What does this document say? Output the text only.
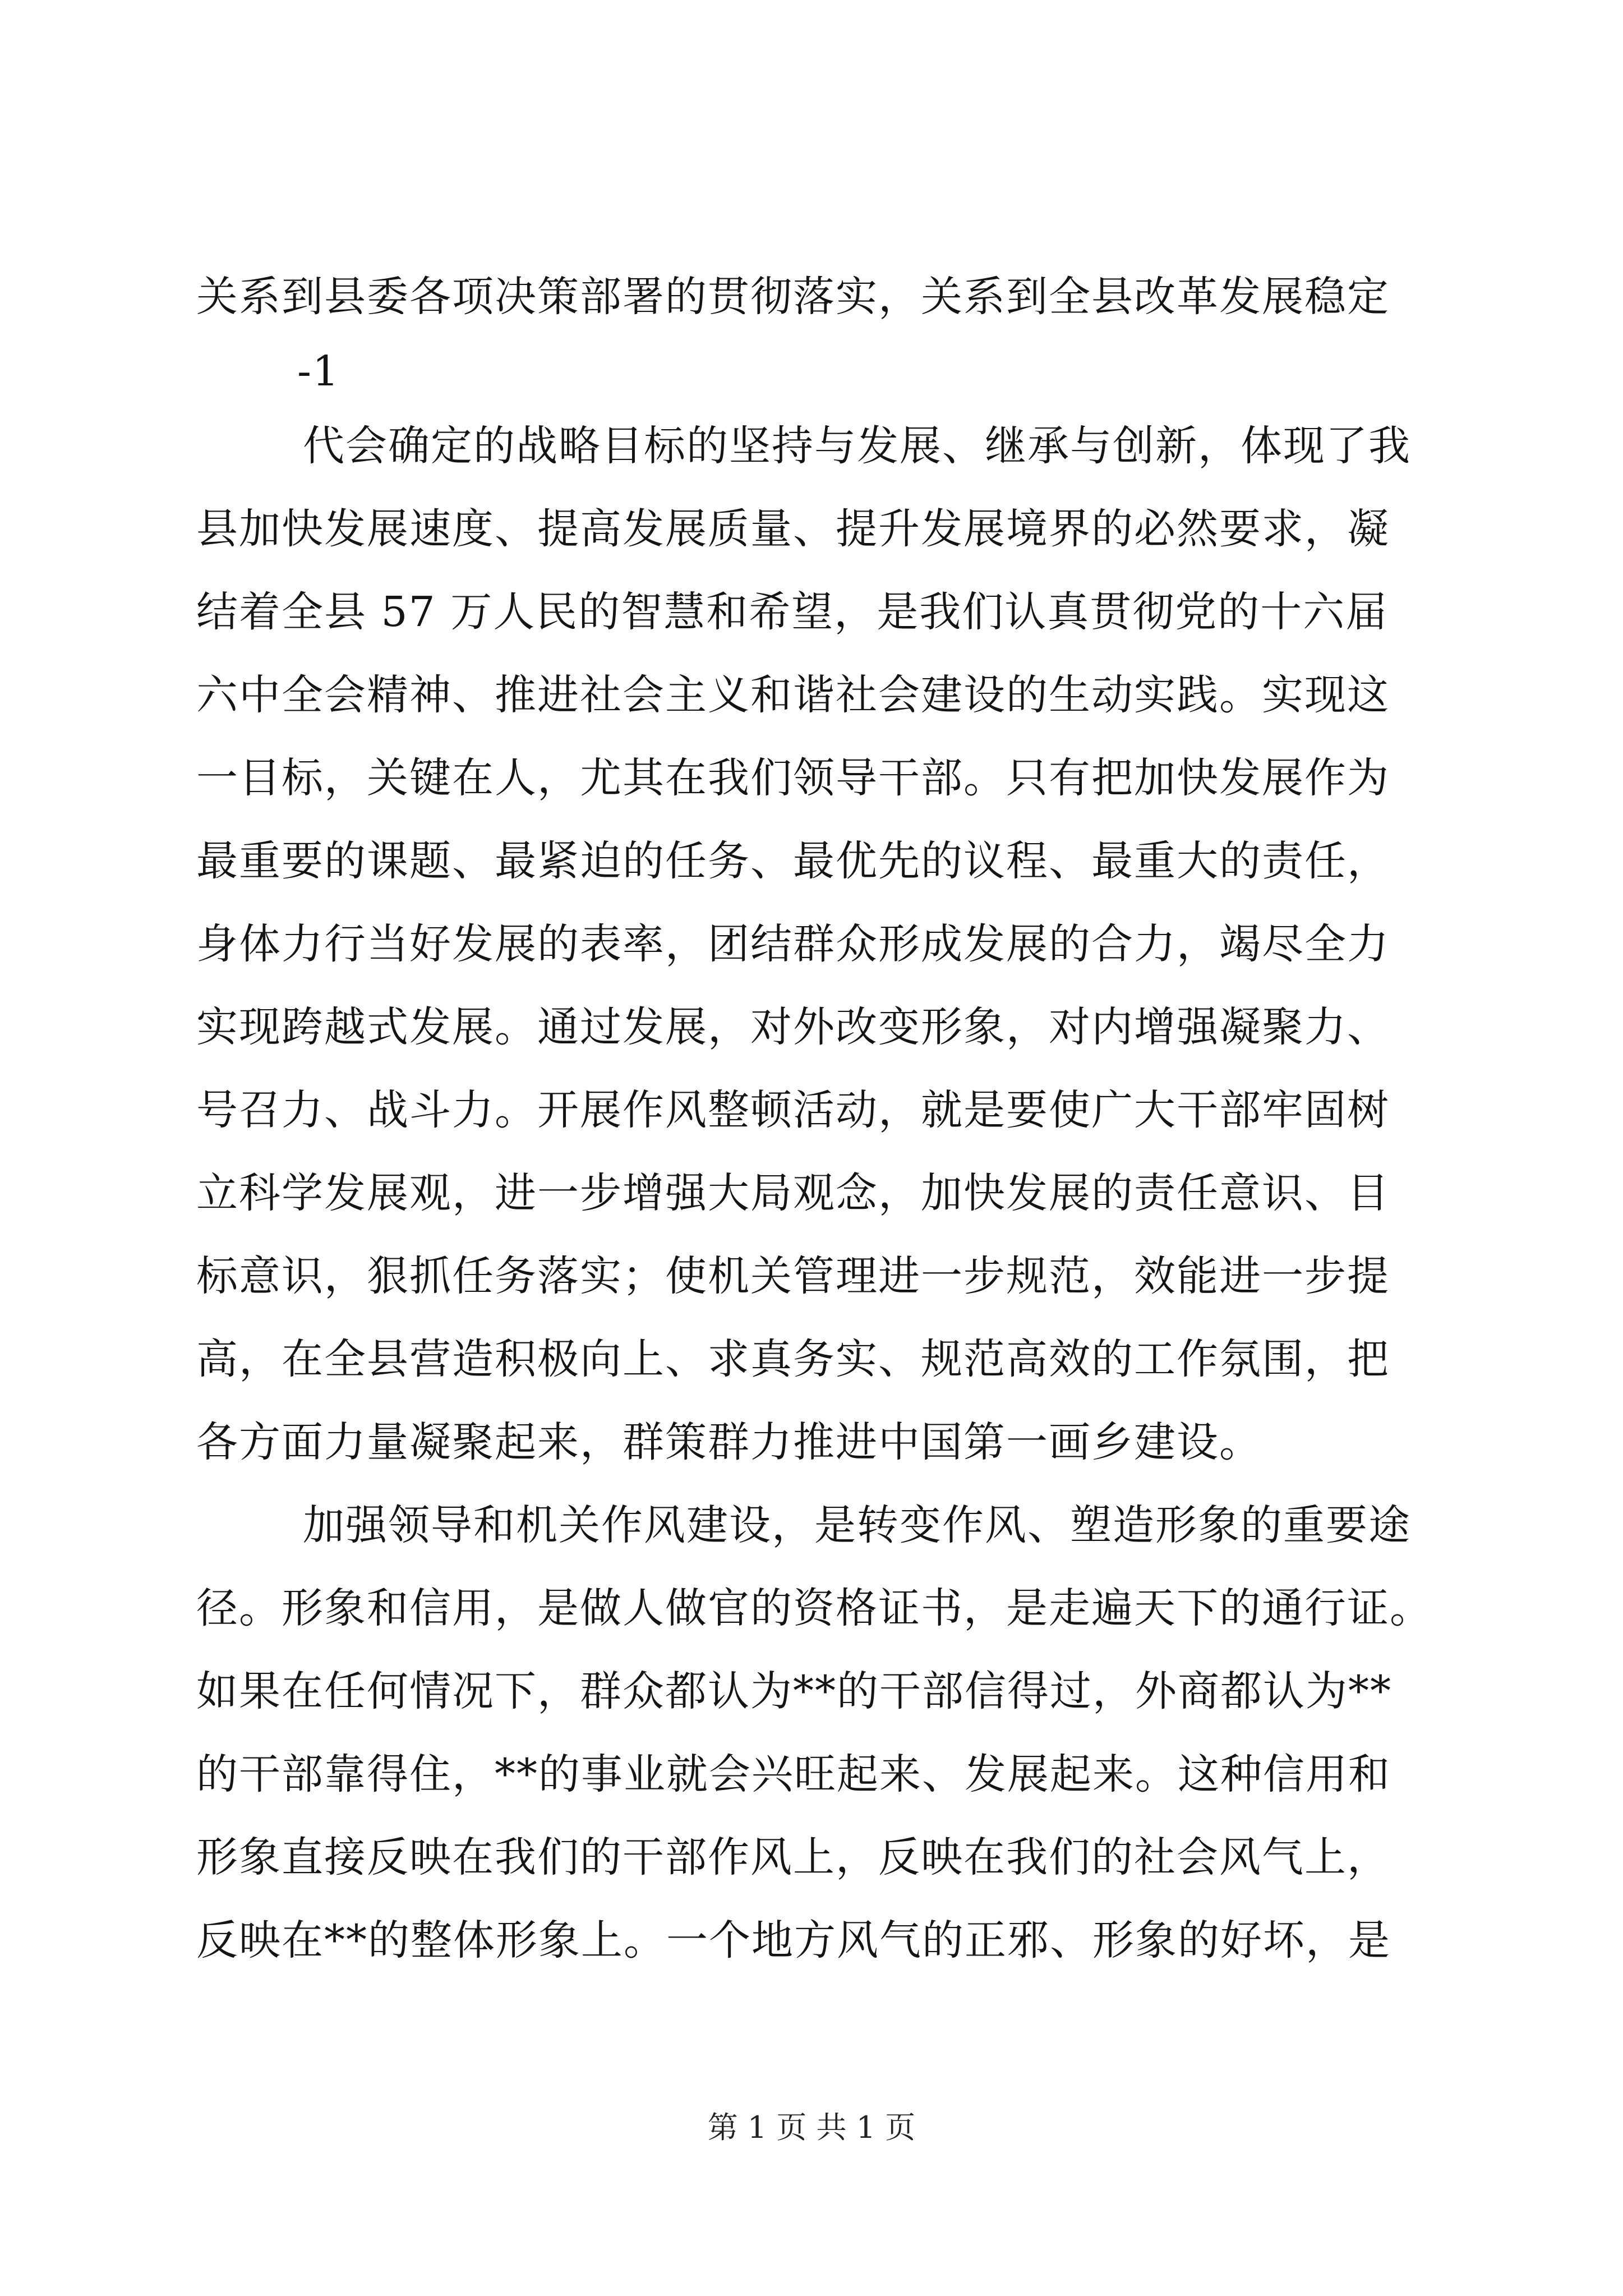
关系到县委各项决策部署的贯彻落实，关系到全县改革发展稳定
-1
代会确定的战略目标的坚持与发展、继承与创新，体现了我
县加快发展速度、提高发展质量、提升发展境界的必然要求，凝
结着全县 57 万人民的智慧和希望，是我们认真贯彻党的十六届
六中全会精神、推进社会主义和谐社会建设的生动实践。实现这
一目标，关键在人，尤其在我们领导干部。只有把加快发展作为
最重要的课题、最紧迫的任务、最优先的议程、最重大的责任，
身体力行当好发展的表率，团结群众形成发展的合力，竭尽全力
实现跨越式发展。通过发展，对外改变形象，对内增强凝聚力、
号召力、战斗力。开展作风整顿活动，就是要使广大干部牢固树
立科学发展观，进一步增强大局观念，加快发展的责任意识、目
标意识，狠抓任务落实；使机关管理进一步规范，效能进一步提
高，在全县营造积极向上、求真务实、规范高效的工作氛围，把
各方面力量凝聚起来，群策群力推进中国第一画乡建设。
加强领导和机关作风建设，是转变作风、塑造形象的重要途
径。形象和信用，是做人做官的资格证书，是走遍天下的通行证。
如果在任何情况下，群众都认为**的干部信得过，外商都认为**
的干部靠得住，**的事业就会兴旺起来、发展起来。这种信用和
形象直接反映在我们的干部作风上，反映在我们的社会风气上，
反映在**的整体形象上。一个地方风气的正邪、形象的好坏，是
第 1 页 共 1 页
